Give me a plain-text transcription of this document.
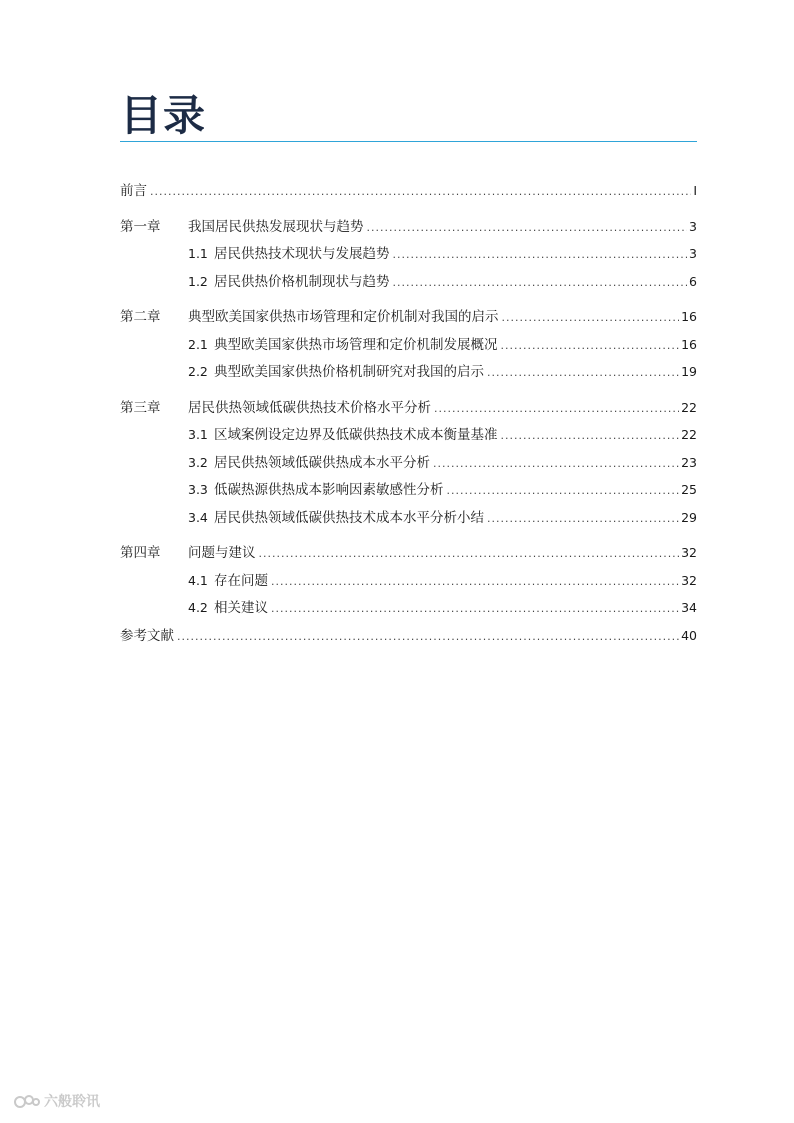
目录
前言 .....	I
第一章	我国居民供热发展现状与趋势 .....	3
1.1 居民供热技术现状与发展趋势 .....	3
1.2 居民供热价格机制现状与趋势 .....	6
第二章	典型欧美国家供热市场管理和定价机制对我国的启示 .....	16
2.1 典型欧美国家供热市场管理和定价机制发展概况 .....	16
2.2 典型欧美国家供热价格机制研究对我国的启示 .....	19
第三章	居民供热领域低碳供热技术价格水平分析 .....	22
3.1 区域案例设定边界及低碳供热技术成本衡量基准 .....	22
3.2 居民供热领域低碳供热成本水平分析 .....	23
3.3 低碳热源供热成本影响因素敏感性分析 .....	25
3.4 居民供热领域低碳供热技术成本水平分析小结 .....	29
第四章	问题与建议 .....	32
4.1 存在问题 .....	32
4.2 相关建议 .....	34
参考文献 .....	40
六般聆讯
